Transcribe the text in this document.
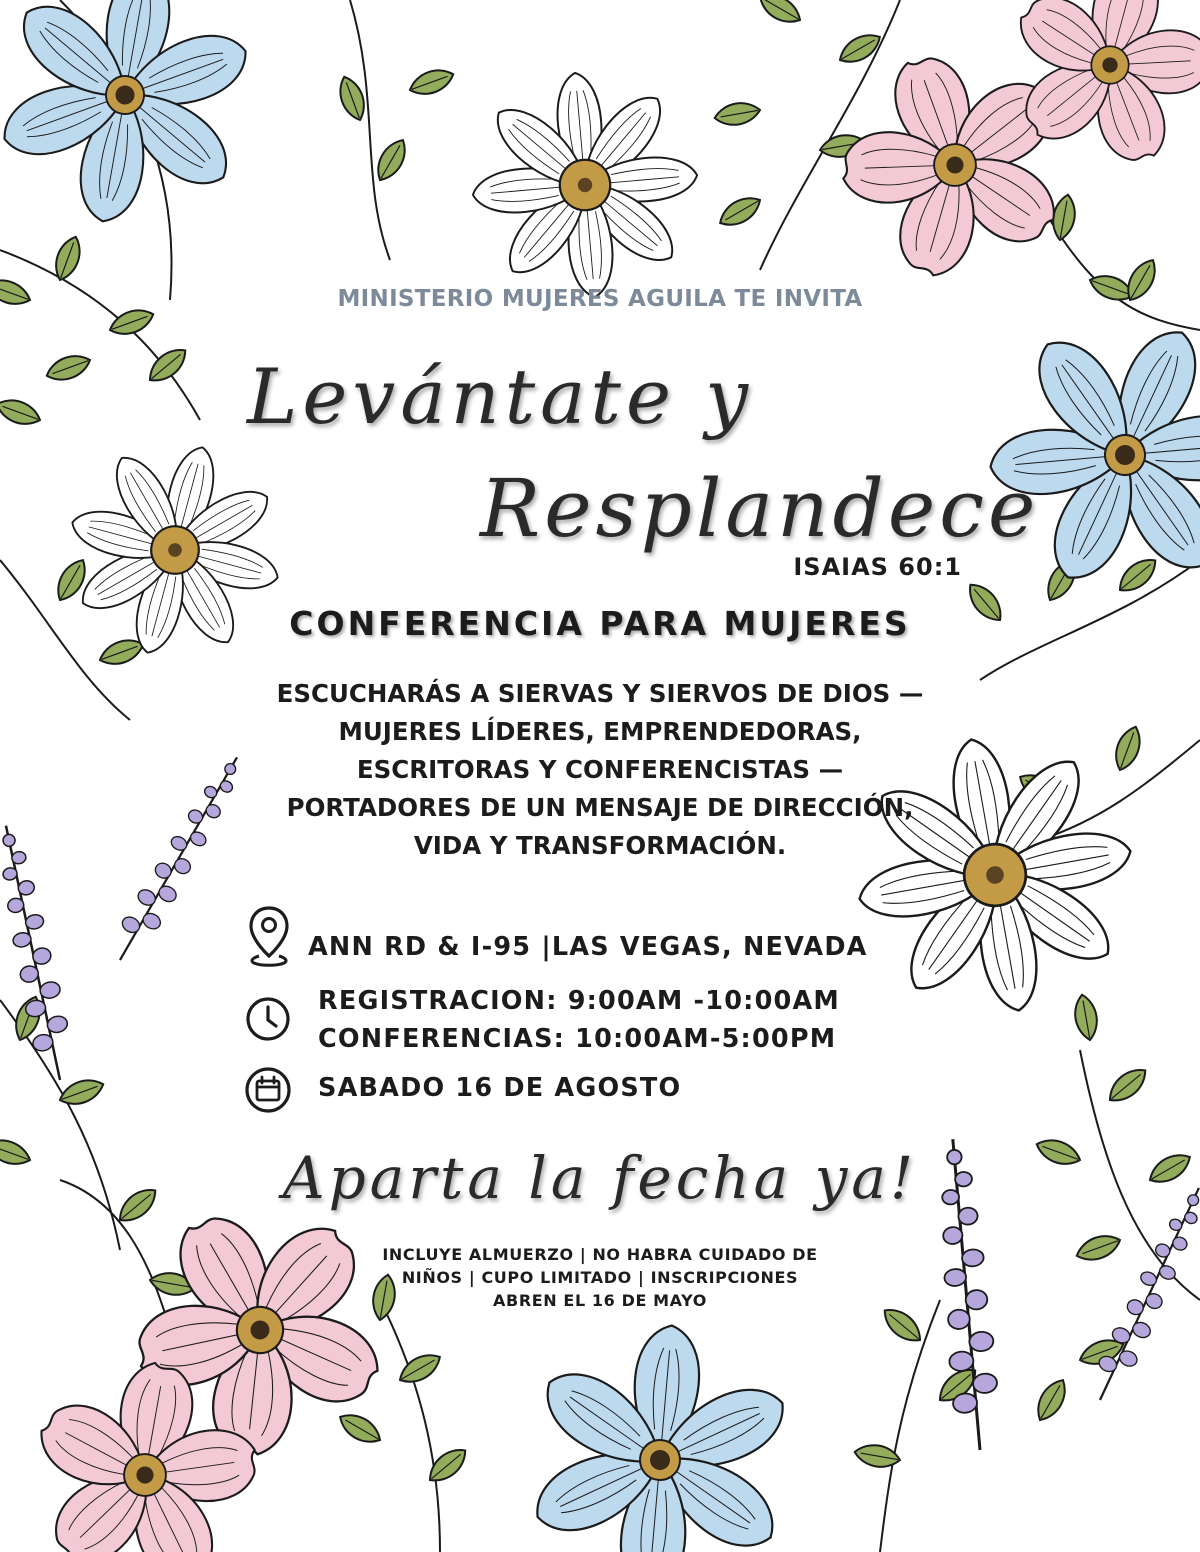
MINISTERIO MUJERES AGUILA TE INVITA
Levántate y
Resplandece
ISAIAS 60:1
CONFERENCIA PARA MUJERES
ESCUCHARÁS A SIERVAS Y SIERVOS DE DIOS —
MUJERES LÍDERES, EMPRENDEDORAS,
ESCRITORAS Y CONFERENCISTAS —
PORTADORES DE UN MENSAJE DE DIRECCIÓN,
VIDA Y TRANSFORMACIÓN.
ANN RD & I-95 |LAS VEGAS, NEVADA
REGISTRACION: 9:00AM -10:00AM
CONFERENCIAS: 10:00AM-5:00PM
SABADO 16 DE AGOSTO
Aparta la fecha ya!
INCLUYE ALMUERZO | NO HABRA CUIDADO DE
NIÑOS | CUPO LIMITADO | INSCRIPCIONES
ABREN EL 16 DE MAYO
